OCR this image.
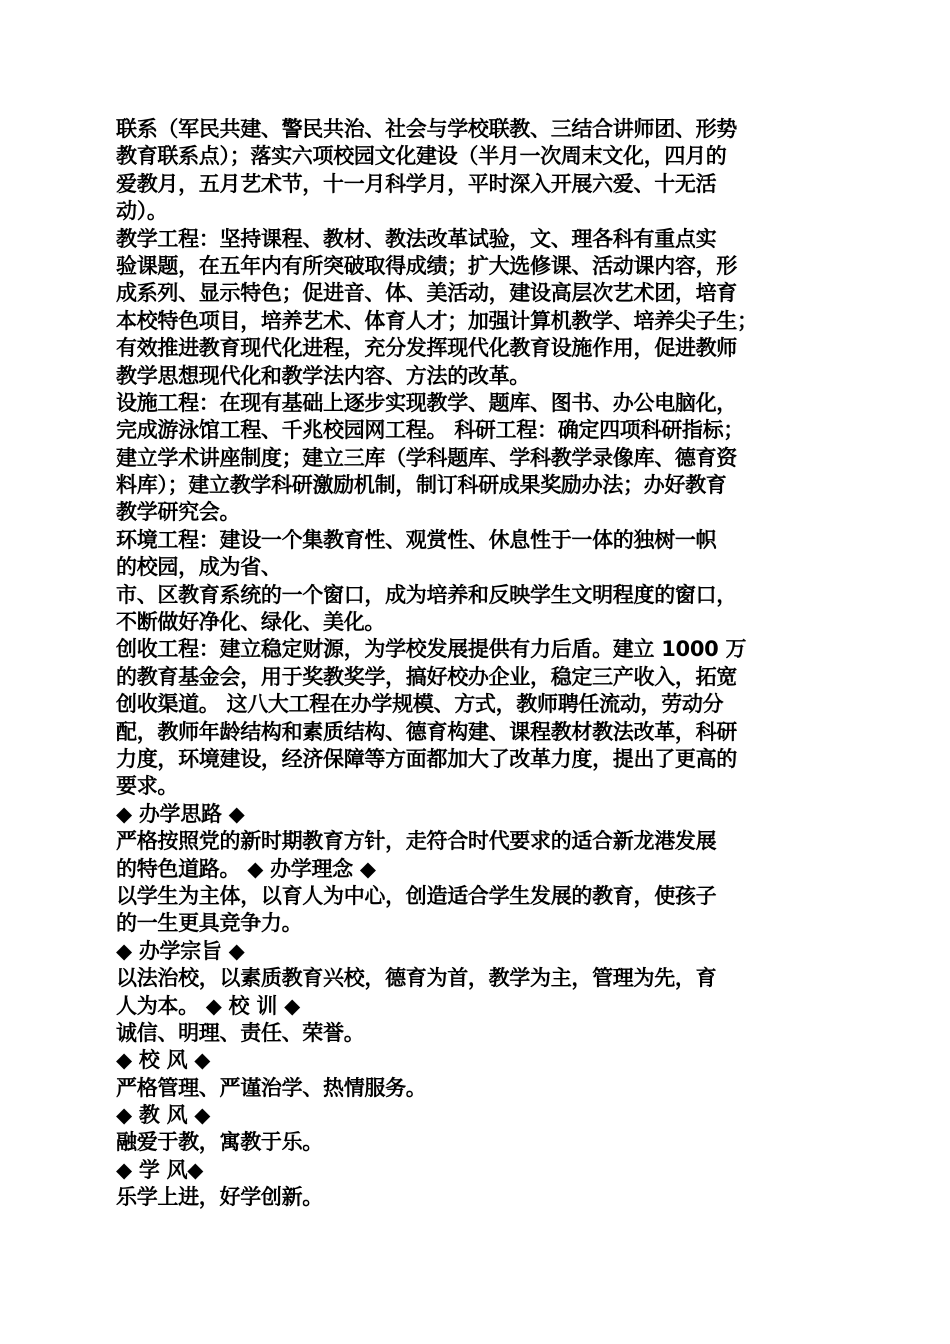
联系（军民共建、警民共治、社会与学校联教、三结合讲师团、形势
教育联系点）；落实六项校园文化建设（半月一次周末文化，四月的
爱教月，五月艺术节，十一月科学月，平时深入开展六爱、十无活
动）。
教学工程：坚持课程、教材、教法改革试验，文、理各科有重点实
验课题，在五年内有所突破取得成绩；扩大选修课、活动课内容，形
成系列、显示特色；促进音、体、美活动，建设高层次艺术团，培育
本校特色项目，培养艺术、体育人才；加强计算机教学、培养尖子生；
有效推进教育现代化进程，充分发挥现代化教育设施作用，促进教师
教学思想现代化和教学法内容、方法的改革。
设施工程：在现有基础上逐步实现教学、题库、图书、办公电脑化，
完成游泳馆工程、千兆校园网工程。 科研工程：确定四项科研指标；
建立学术讲座制度；建立三库（学科题库、学科教学录像库、德育资
料库）；建立教学科研激励机制，制订科研成果奖励办法；办好教育
教学研究会。
环境工程：建设一个集教育性、观赏性、休息性于一体的独树一帜
的校园，成为省、
市、区教育系统的一个窗口，成为培养和反映学生文明程度的窗口，
不断做好净化、绿化、美化。
创收工程：建立稳定财源，为学校发展提供有力后盾。建立 1000 万
的教育基金会，用于奖教奖学，搞好校办企业，稳定三产收入，拓宽
创收渠道。 这八大工程在办学规模、方式，教师聘任流动，劳动分
配，教师年龄结构和素质结构、德育构建、课程教材教法改革，科研
力度，环境建设，经济保障等方面都加大了改革力度，提出了更高的
要求。
◆ 办学思路 ◆
严格按照党的新时期教育方针，走符合时代要求的适合新龙港发展
的特色道路。 ◆ 办学理念 ◆
以学生为主体，以育人为中心，创造适合学生发展的教育，使孩子
的一生更具竞争力。
◆ 办学宗旨 ◆
以法治校，以素质教育兴校，德育为首，教学为主，管理为先，育
人为本。 ◆ 校 训 ◆
诚信、明理、责任、荣誉。
◆ 校 风 ◆
严格管理、严谨治学、热情服务。
◆ 教 风 ◆
融爱于教，寓教于乐。
◆ 学 风◆
乐学上进，好学创新。
